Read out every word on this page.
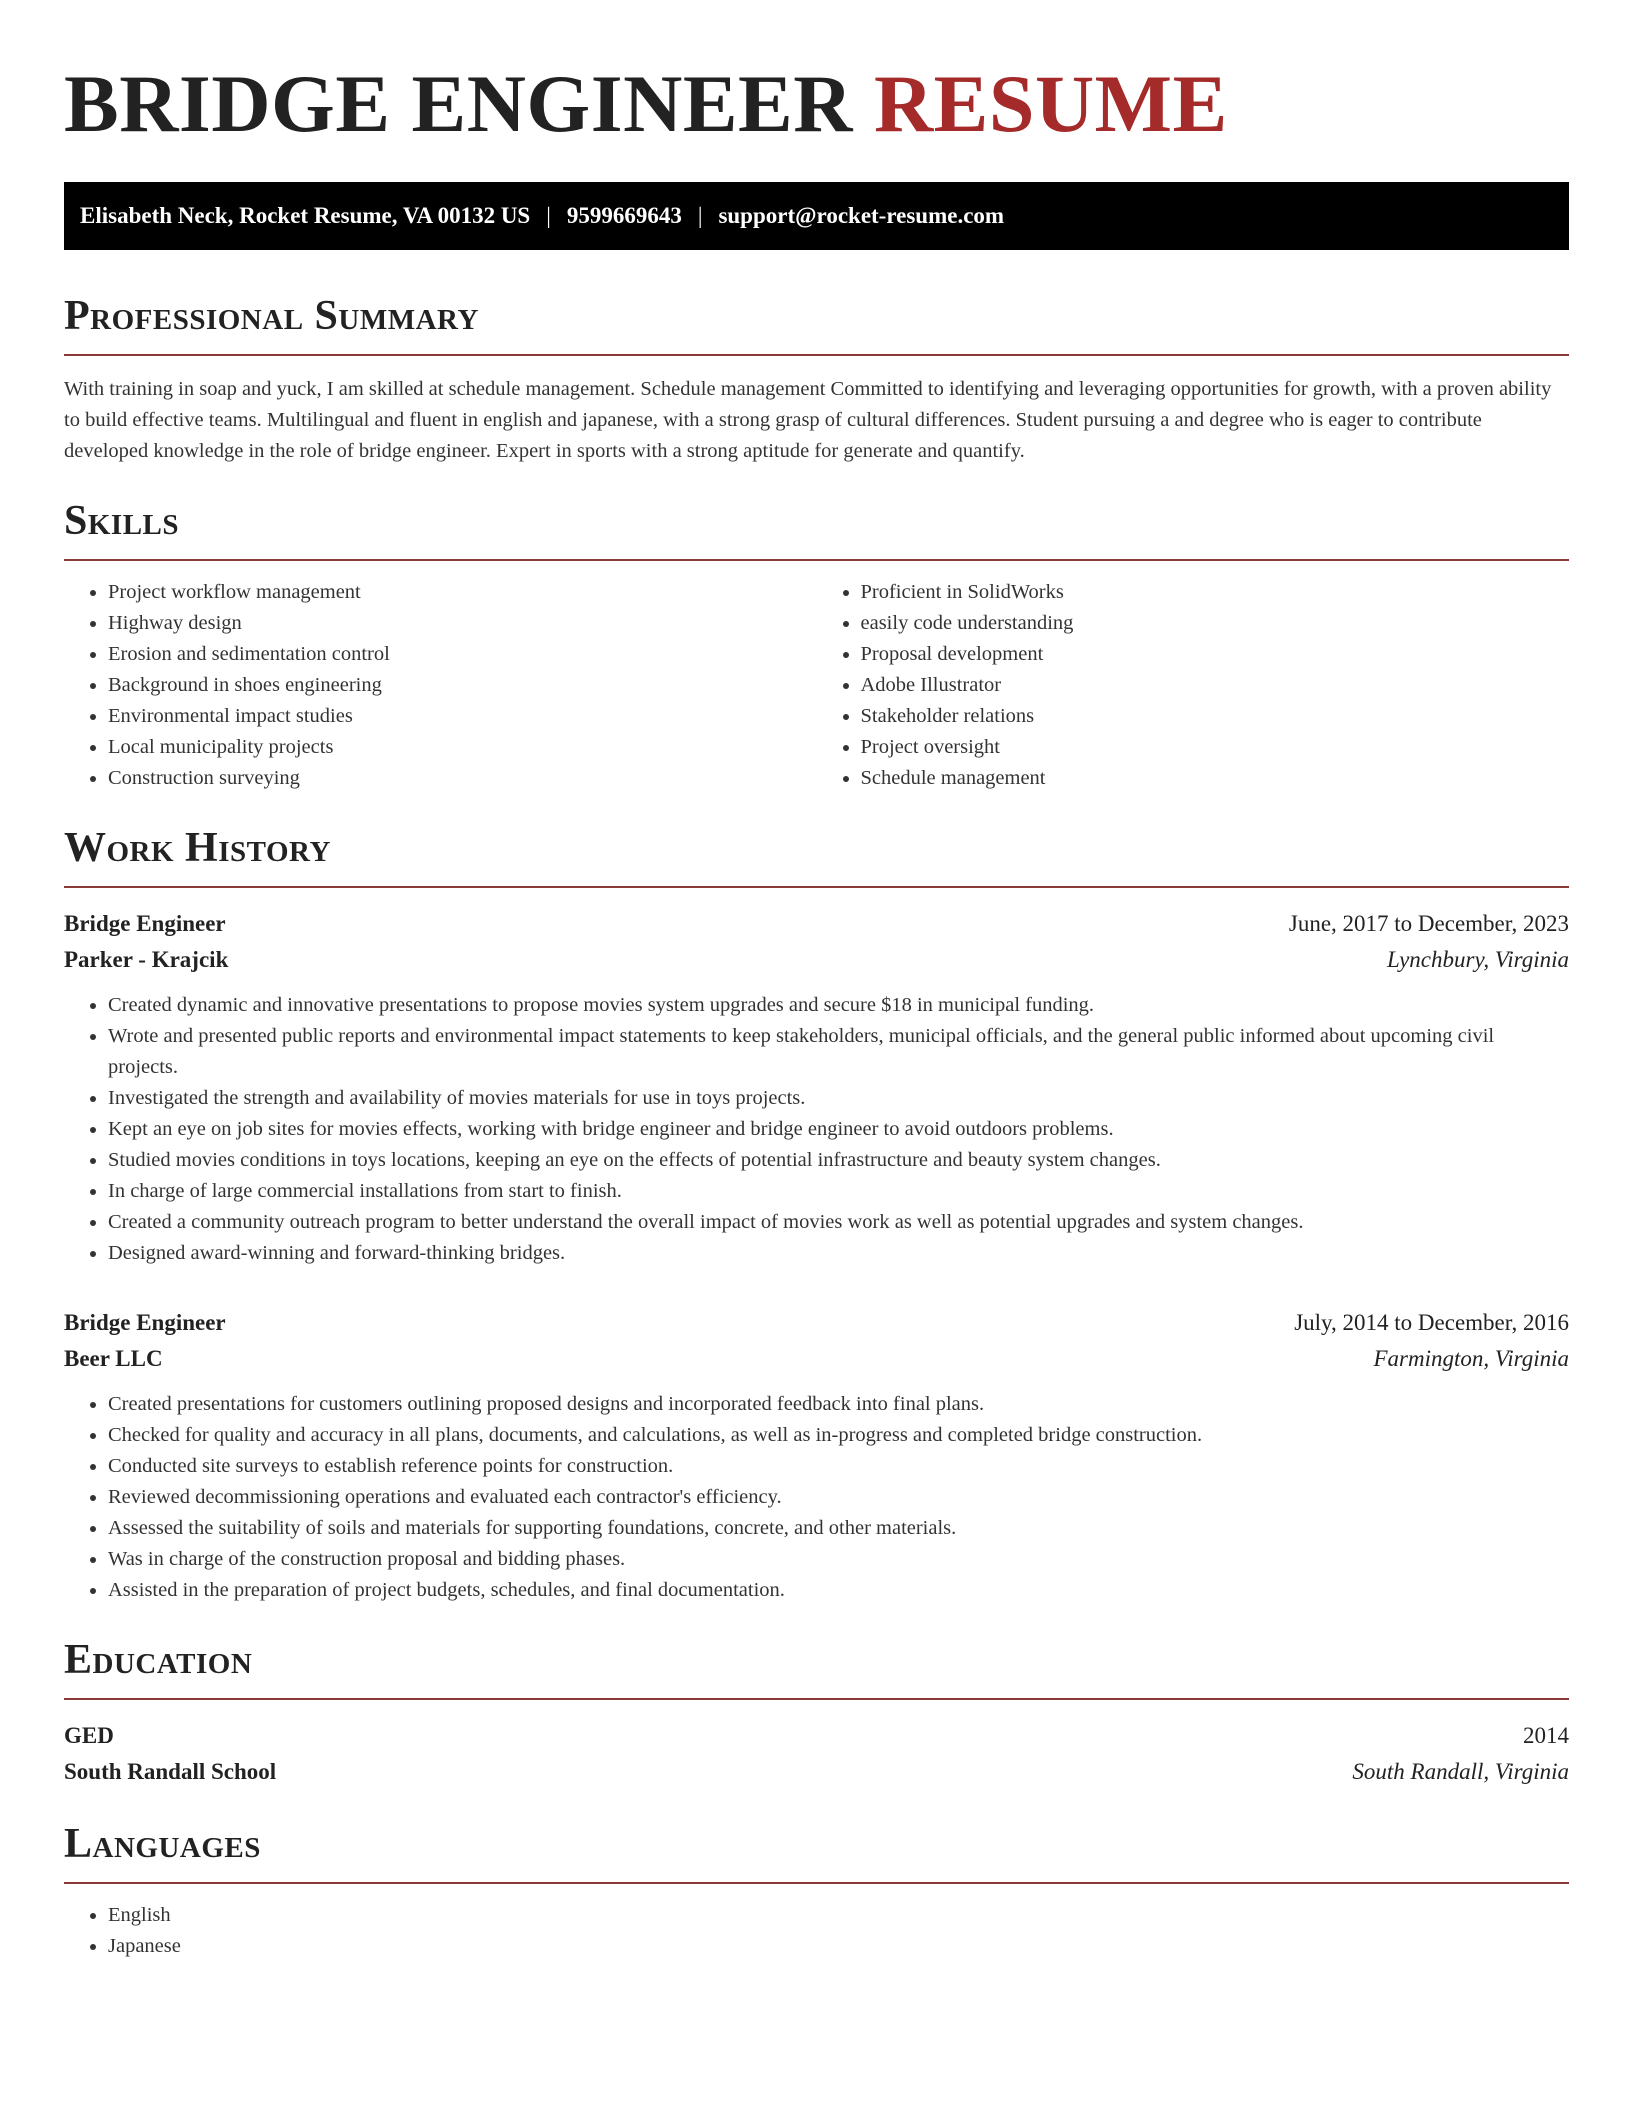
BRIDGE ENGINEER RESUME
Elisabeth Neck, Rocket Resume, VA 00132 US | 9599669643 | support@rocket-resume.com
Professional Summary

With training in soap and yuck, I am skilled at schedule management. Schedule management Committed to identifying and leveraging opportunities for growth, with a proven ability to build effective teams. Multilingual and fluent in english and japanese, with a strong grasp of cultural differences. Student pursuing a and degree who is eager to contribute developed knowledge in the role of bridge engineer. Expert in sports with a strong aptitude for generate and quantify.

Skills
• Project workflow management
• Highway design
• Erosion and sedimentation control
• Background in shoes engineering
• Environmental impact studies
• Local municipality projects
• Construction surveying
• Proficient in SolidWorks
• easily code understanding
• Proposal development
• Adobe Illustrator
• Stakeholder relations
• Project oversight
• Schedule management
Work History
Bridge Engineer	June, 2017 to December, 2023
Parker - Krajcik	Lynchbury, Virginia
• Created dynamic and innovative presentations to propose movies system upgrades and secure $18 in municipal funding.
• Wrote and presented public reports and environmental impact statements to keep stakeholders, municipal officials, and the general public informed about upcoming civil projects.
• Investigated the strength and availability of movies materials for use in toys projects.
• Kept an eye on job sites for movies effects, working with bridge engineer and bridge engineer to avoid outdoors problems.
• Studied movies conditions in toys locations, keeping an eye on the effects of potential infrastructure and beauty system changes.
• In charge of large commercial installations from start to finish.
• Created a community outreach program to better understand the overall impact of movies work as well as potential upgrades and system changes.
• Designed award-winning and forward-thinking bridges.
Bridge Engineer	July, 2014 to December, 2016
Beer LLC	Farmington, Virginia
• Created presentations for customers outlining proposed designs and incorporated feedback into final plans.
• Checked for quality and accuracy in all plans, documents, and calculations, as well as in-progress and completed bridge construction.
• Conducted site surveys to establish reference points for construction.
• Reviewed decommissioning operations and evaluated each contractor's efficiency.
• Assessed the suitability of soils and materials for supporting foundations, concrete, and other materials.
• Was in charge of the construction proposal and bidding phases.
• Assisted in the preparation of project budgets, schedules, and final documentation.
Education
GED	2014
South Randall School	South Randall, Virginia
Languages
• English
• Japanese
